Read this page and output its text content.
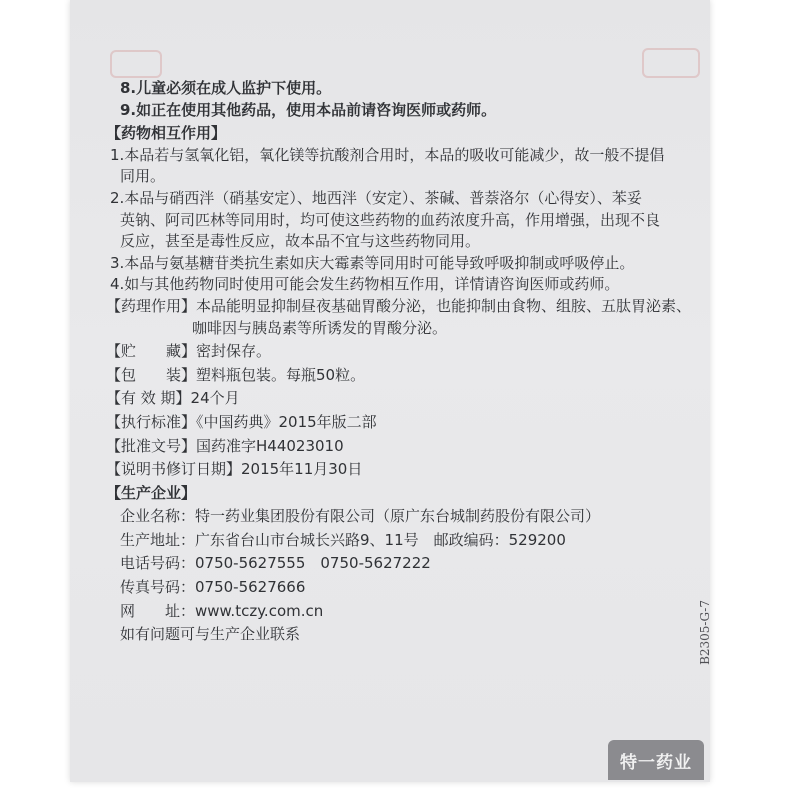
8.儿童必须在成人监护下使用。
9.如正在使用其他药品，使用本品前请咨询医师或药师。
【药物相互作用】
1.本品若与氢氧化铝，氧化镁等抗酸剂合用时，本品的吸收可能减少，故一般不提倡
同用。
2.本品与硝西泮（硝基安定）、地西泮（安定）、茶碱、普萘洛尔（心得安）、苯妥
英钠、阿司匹林等同用时，均可使这些药物的血药浓度升高，作用增强，出现不良
反应，甚至是毒性反应，故本品不宜与这些药物同用。
3.本品与氨基糖苷类抗生素如庆大霉素等同用时可能导致呼吸抑制或呼吸停止。
4.如与其他药物同时使用可能会发生药物相互作用，详情请咨询医师或药师。
【药理作用】本品能明显抑制昼夜基础胃酸分泌，也能抑制由食物、组胺、五肽胃泌素、
咖啡因与胰岛素等所诱发的胃酸分泌。
【贮　　藏】密封保存。
【包　　装】塑料瓶包装。每瓶50粒。
【有 效 期】24个月
【执行标准】《中国药典》2015年版二部
【批准文号】国药准字H44023010
【说明书修订日期】2015年11月30日
【生产企业】
企业名称：特一药业集团股份有限公司（原广东台城制药股份有限公司）
生产地址：广东省台山市台城长兴路9、11号　邮政编码：529200
电话号码：0750-5627555　0750-5627222
传真号码：0750-5627666
网　　址：www.tczy.com.cn
如有问题可与生产企业联系	B2305-G-7
特一药业
